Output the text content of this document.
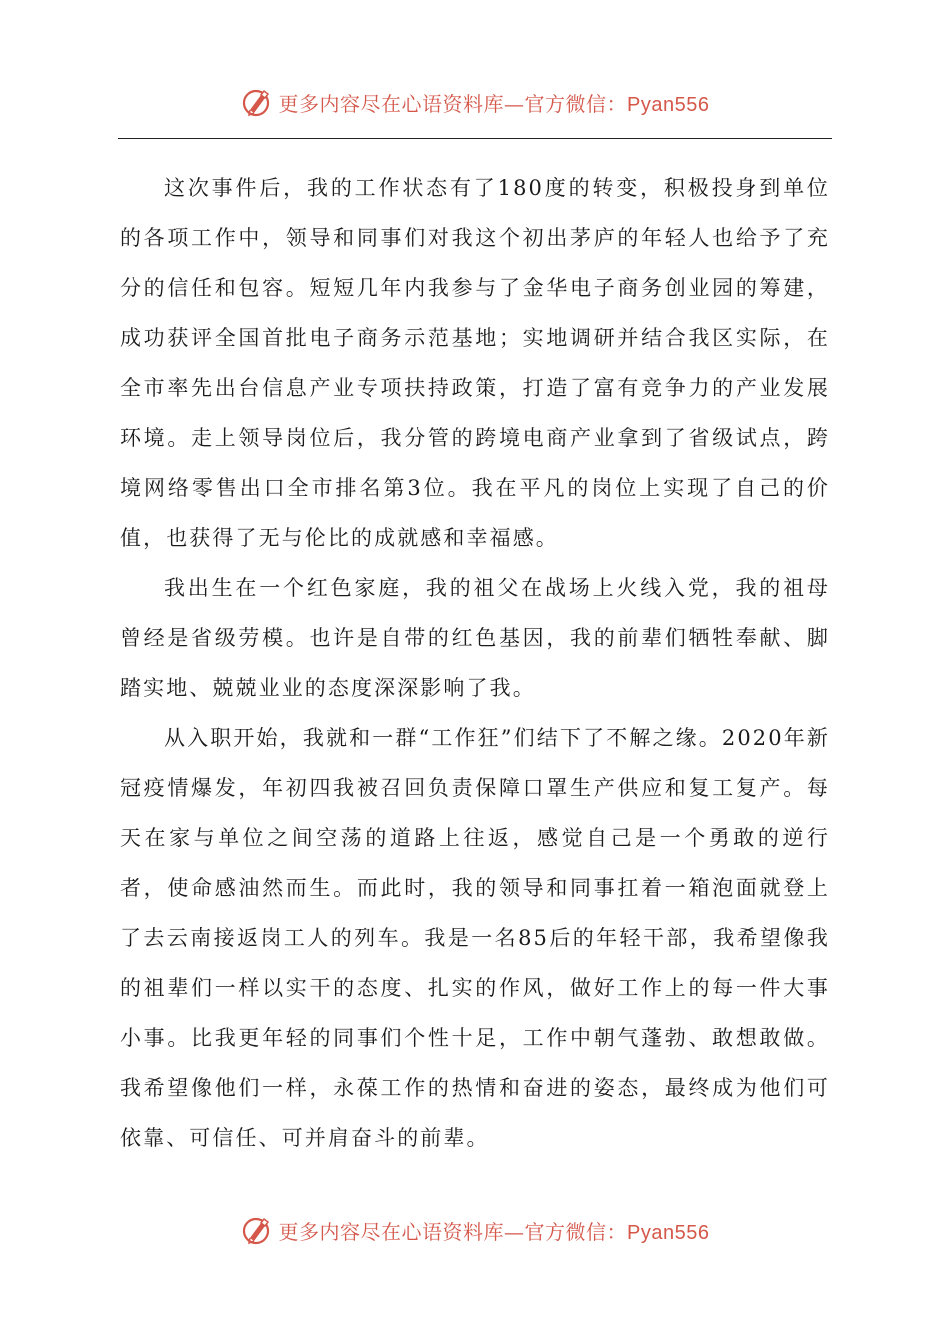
更多内容尽在心语资料库—官方微信：Pyan556

这次事件后，我的工作状态有了180度的转变，积极投身到单位的各项工作中，领导和同事们对我这个初出茅庐的年轻人也给予了充分的信任和包容。短短几年内我参与了金华电子商务创业园的筹建，成功获评全国首批电子商务示范基地；实地调研并结合我区实际，在全市率先出台信息产业专项扶持政策，打造了富有竞争力的产业发展环境。走上领导岗位后，我分管的跨境电商产业拿到了省级试点，跨境网络零售出口全市排名第3位。我在平凡的岗位上实现了自己的价值，也获得了无与伦比的成就感和幸福感。

我出生在一个红色家庭，我的祖父在战场上火线入党，我的祖母曾经是省级劳模。也许是自带的红色基因，我的前辈们牺牲奉献、脚踏实地、兢兢业业的态度深深影响了我。

从入职开始，我就和一群“工作狂”们结下了不解之缘。2020年新冠疫情爆发，年初四我被召回负责保障口罩生产供应和复工复产。每天在家与单位之间空荡的道路上往返，感觉自己是一个勇敢的逆行者，使命感油然而生。而此时，我的领导和同事扛着一箱泡面就登上了去云南接返岗工人的列车。我是一名85后的年轻干部，我希望像我的祖辈们一样以实干的态度、扎实的作风，做好工作上的每一件大事小事。比我更年轻的同事们个性十足，工作中朝气蓬勃、敢想敢做。我希望像他们一样，永葆工作的热情和奋进的姿态，最终成为他们可依靠、可信任、可并肩奋斗的前辈。

更多内容尽在心语资料库—官方微信：Pyan556
